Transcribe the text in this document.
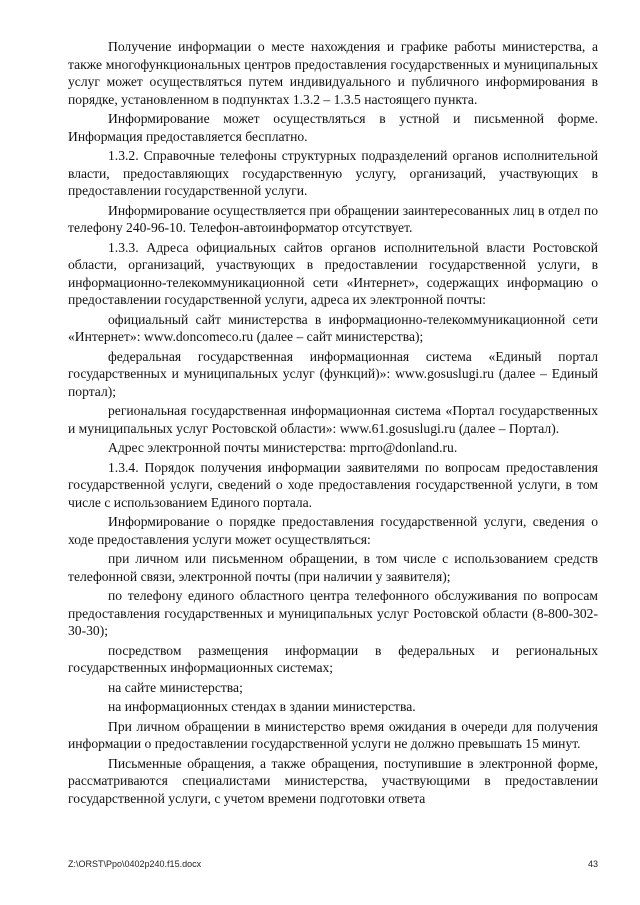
Получение информации о месте нахождения и графике работы министерства, а также многофункциональных центров предоставления государственных и муниципальных услуг может осуществляться путем индивидуального и публичного информирования в порядке, установленном в подпунктах 1.3.2 – 1.3.5 настоящего пункта.

Информирование может осуществляться в устной и письменной форме. Информация предоставляется бесплатно.

1.3.2. Справочные телефоны структурных подразделений органов исполнительной власти, предоставляющих государственную услугу, организаций, участвующих в предоставлении государственной услуги.

Информирование осуществляется при обращении заинтересованных лиц в отдел по телефону 240-96-10. Телефон-автоинформатор отсутствует.

1.3.3. Адреса официальных сайтов органов исполнительной власти Ростовской области, организаций, участвующих в предоставлении государственной услуги, в информационно-телекоммуникационной сети «Интернет», содержащих информацию о предоставлении государственной услуги, адреса их электронной почты:

официальный сайт министерства в информационно-телекоммуникационной сети «Интернет»: www.doncomeco.ru (далее – сайт министерства);

федеральная государственная информационная система «Единый портал государственных и муниципальных услуг (функций)»: www.gosuslugi.ru (далее – Единый портал);

региональная государственная информационная система «Портал государственных и муниципальных услуг Ростовской области»: www.61.gosuslugi.ru (далее – Портал).

Адрес электронной почты министерства: mprro@donland.ru.

1.3.4. Порядок получения информации заявителями по вопросам предоставления государственной услуги, сведений о ходе предоставления государственной услуги, в том числе с использованием Единого портала.

Информирование о порядке предоставления государственной услуги, сведения о ходе предоставления услуги может осуществляться:

при личном или письменном обращении, в том числе с использованием средств телефонной связи, электронной почты (при наличии у заявителя);

по телефону единого областного центра телефонного обслуживания по вопросам предоставления государственных и муниципальных услуг Ростовской области (8-800-302-30-30);

посредством размещения информации в федеральных и региональных государственных информационных системах;

на сайте министерства;

на информационных стендах в здании министерства.

При личном обращении в министерство время ожидания в очереди для получения информации о предоставлении государственной услуги не должно превышать 15 минут.

Письменные обращения, а также обращения, поступившие в электронной форме, рассматриваются специалистами министерства, участвующими в предоставлении государственной услуги, с учетом времени подготовки ответа

Z:\ORST\Ppo\0402p240.f15.docx	43
